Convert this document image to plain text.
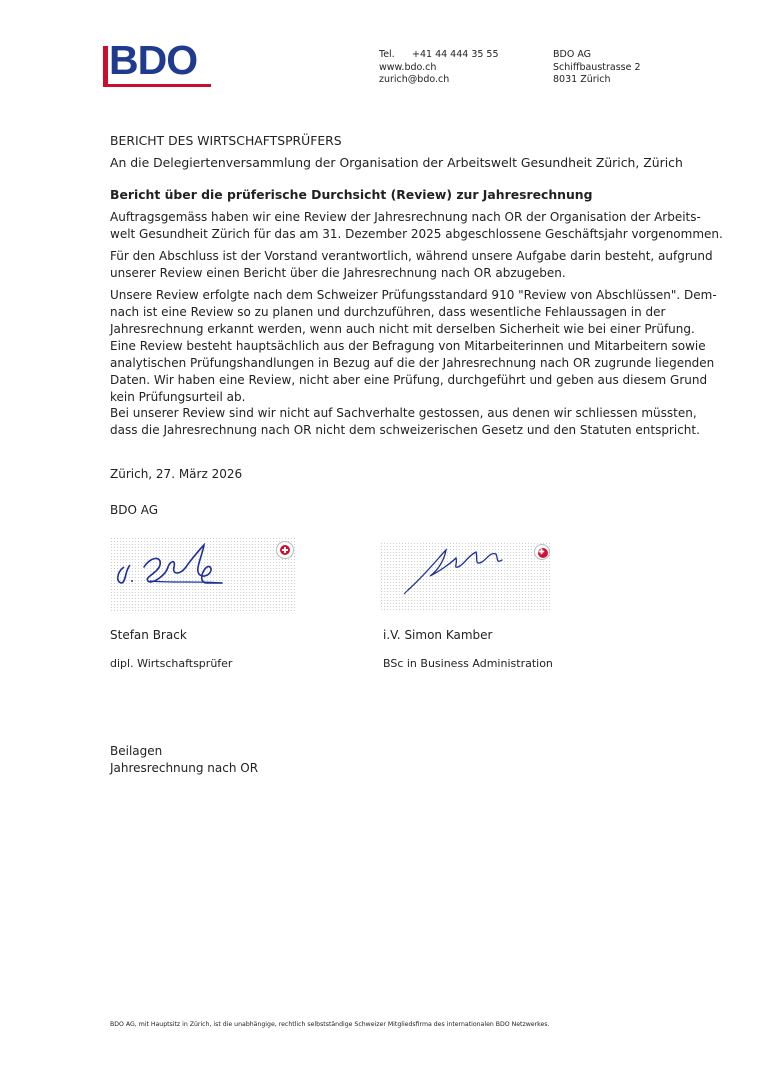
BDO	Tel. +41 44 444 35 55
www.bdo.ch
zurich@bdo.ch
BDO AG
Schiffbaustrasse 2
8031 Zürich
BERICHT DES WIRTSCHAFTSPRÜFERS
An die Delegiertenversammlung der Organisation der Arbeitswelt Gesundheit Zürich, Zürich
Bericht über die prüferische Durchsicht (Review) zur Jahresrechnung
Auftragsgemäss haben wir eine Review der Jahresrechnung nach OR der Organisation der Arbeits-
welt Gesundheit Zürich für das am 31. Dezember 2025 abgeschlossene Geschäftsjahr vorgenommen.
Für den Abschluss ist der Vorstand verantwortlich, während unsere Aufgabe darin besteht, aufgrund
unserer Review einen Bericht über die Jahresrechnung nach OR abzugeben.
Unsere Review erfolgte nach dem Schweizer Prüfungsstandard 910 "Review von Abschlüssen". Dem-
nach ist eine Review so zu planen und durchzuführen, dass wesentliche Fehlaussagen in der
Jahresrechnung erkannt werden, wenn auch nicht mit derselben Sicherheit wie bei einer Prüfung.
Eine Review besteht hauptsächlich aus der Befragung von Mitarbeiterinnen und Mitarbeitern sowie
analytischen Prüfungshandlungen in Bezug auf die der Jahresrechnung nach OR zugrunde liegenden
Daten. Wir haben eine Review, nicht aber eine Prüfung, durchgeführt und geben aus diesem Grund
kein Prüfungsurteil ab.
Bei unserer Review sind wir nicht auf Sachverhalte gestossen, aus denen wir schliessen müssten,
dass die Jahresrechnung nach OR nicht dem schweizerischen Gesetz und den Statuten entspricht.
Zürich, 27. März 2026
BDO AG
Stefan Brack
dipl. Wirtschaftsprüfer
i.V. Simon Kamber
BSc in Business Administration
Beilagen
Jahresrechnung nach OR
BDO AG, mit Hauptsitz in Zürich, ist die unabhängige, rechtlich selbstständige Schweizer Mitgliedsfirma des internationalen BDO Netzwerkes.
